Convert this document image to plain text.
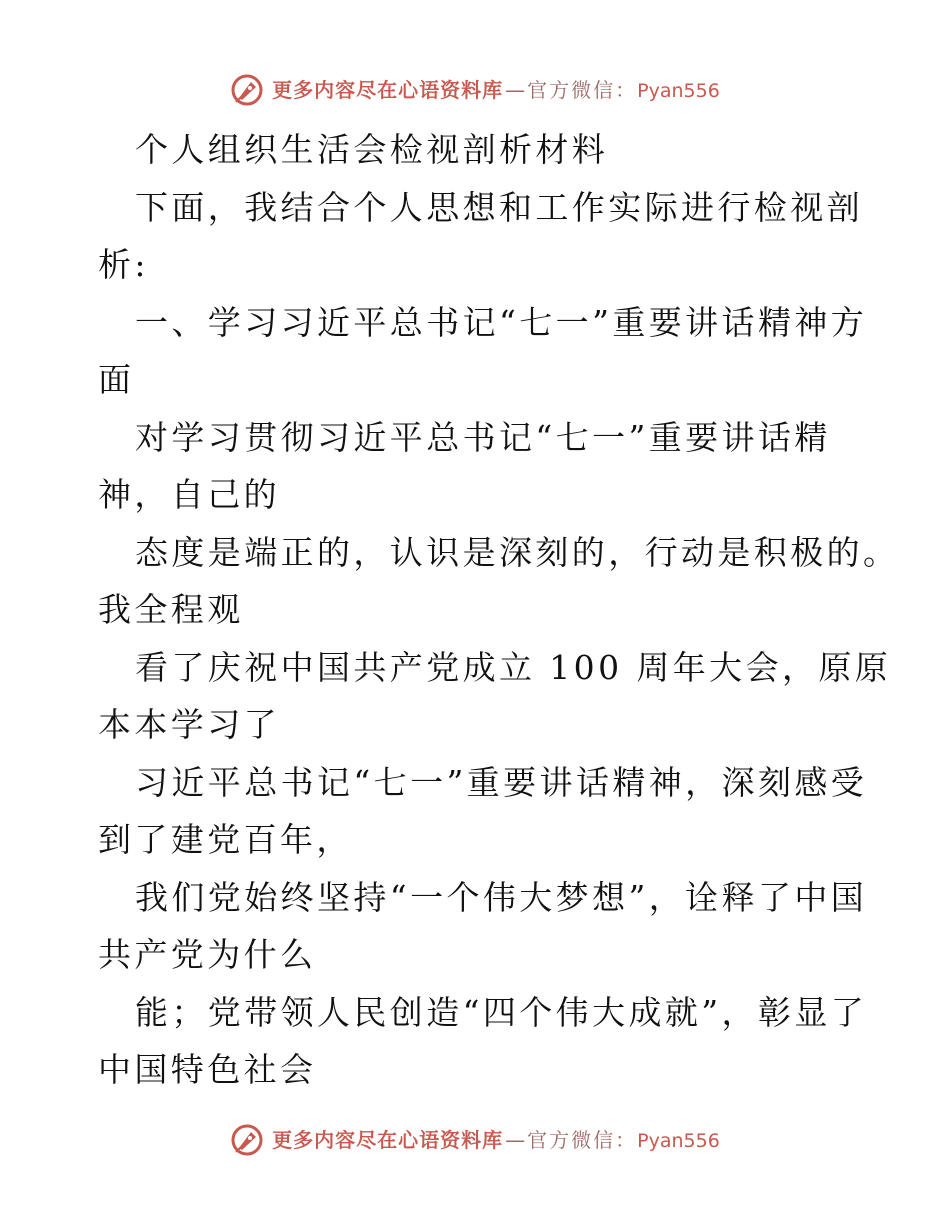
更多内容尽在心语资料库 — 官方微信： Pyan556
个人组织生活会检视剖析材料
下面，我结合个人思想和工作实际进行检视剖
析:
一、学习习近平总书记“七一”重要讲话精神方
面
对学习贯彻习近平总书记“七一”重要讲话精
神，自己的
态度是端正的，认识是深刻的，行动是积极的。
我全程观
看了庆祝中国共产党成立 100 周年大会，原原
本本学习了
习近平总书记“七一”重要讲话精神，深刻感受
到了建党百年，
我们党始终坚持“一个伟大梦想”，诠释了中国
共产党为什么
能；党带领人民创造“四个伟大成就”，彰显了
中国特色社会
更多内容尽在心语资料库 — 官方微信： Pyan556
